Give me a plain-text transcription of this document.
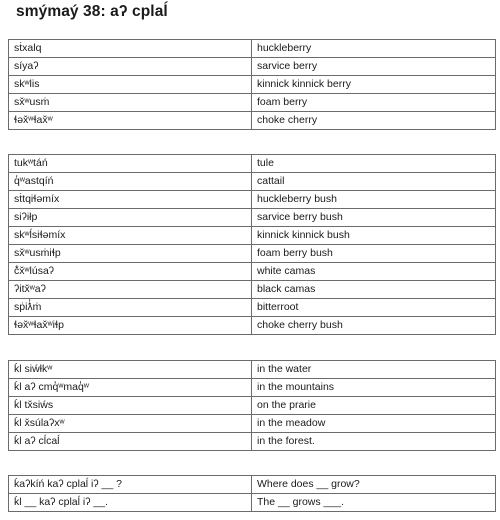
smýmaý 38: aʔ cplaĺ
sṫxalq	huckleberry
síyaʔ	sarvice berry
skʷlis	kinnick kinnick berry
sx̌ʷusṁ	foam berry
ɬəx̌ʷɬax̌ʷ	choke cherry
tukʷtáń	tule
q̓ʷastqíń	cattail
sṫtqiɬəmíx	huckleberry bush
siʔiłp	sarvice berry bush
skʷĺsiɬəmíx	kinnick kinnick bush
sx̌ʷusṁiɬp	foam berry bush
č̓x̌ʷlúsaʔ	white camas
ʔitx̌ʷaʔ	black camas
sṗiƛ̓ṁ	bitterroot
ɬəx̌ʷɬax̌ʷiɬp	choke cherry bush
ḱl siẃłkʷ	in the water
ḱl aʔ cmq̓ʷmaq̓ʷ	in the mountains
ḱl tx̌siẃs	on the prarie
ḱl x̌súlaʔxʷ	in the meadow
ḱl aʔ cĺcaĺ	in the forest.
ḱaʔkíń kaʔ cplaĺ iʔ __ ?	Where does __ grow?
ḱl __ kaʔ cplaĺ iʔ __.	The __ grows ___.
